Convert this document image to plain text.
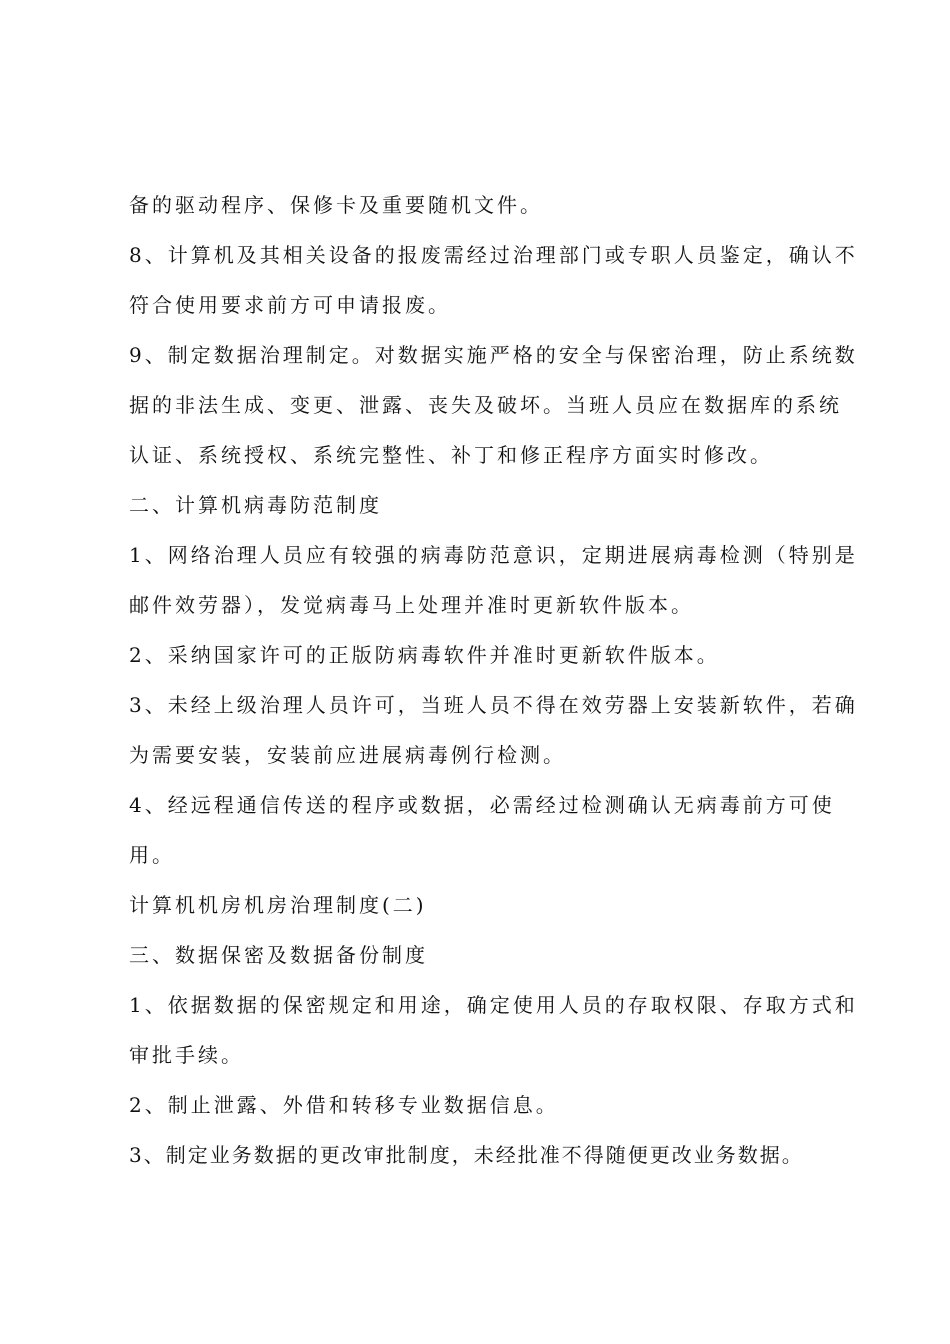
备的驱动程序、保修卡及重要随机文件。
8、计算机及其相关设备的报废需经过治理部门或专职人员鉴定，确认不
符合使用要求前方可申请报废。
9、制定数据治理制定。对数据实施严格的安全与保密治理，防止系统数
据的非法生成、变更、泄露、丧失及破坏。当班人员应在数据库的系统
认证、系统授权、系统完整性、补丁和修正程序方面实时修改。
二、计算机病毒防范制度
1、网络治理人员应有较强的病毒防范意识，定期进展病毒检测（特别是
邮件效劳器），发觉病毒马上处理并准时更新软件版本。
2、采纳国家许可的正版防病毒软件并准时更新软件版本。
3、未经上级治理人员许可，当班人员不得在效劳器上安装新软件，若确
为需要安装，安装前应进展病毒例行检测。
4、经远程通信传送的程序或数据，必需经过检测确认无病毒前方可使
用。
计算机机房机房治理制度(二)
三、数据保密及数据备份制度
1、依据数据的保密规定和用途，确定使用人员的存取权限、存取方式和
审批手续。
2、制止泄露、外借和转移专业数据信息。
3、制定业务数据的更改审批制度，未经批准不得随便更改业务数据。
